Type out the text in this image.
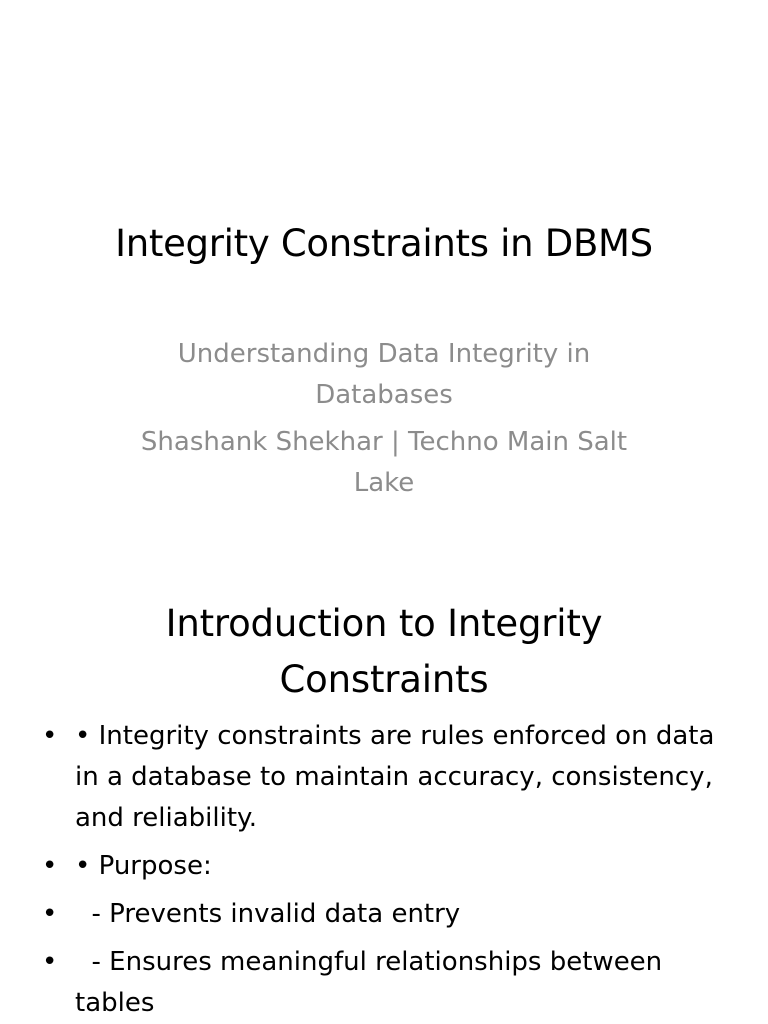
Integrity Constraints in DBMS

Understanding Data Integrity in Databases

Shashank Shekhar | Techno Main Salt Lake

Introduction to Integrity Constraints
• • Integrity constraints are rules enforced on data in a database to maintain accuracy, consistency, and reliability.
• • Purpose:
• - Prevents invalid data entry
• - Ensures meaningful relationships between tables
